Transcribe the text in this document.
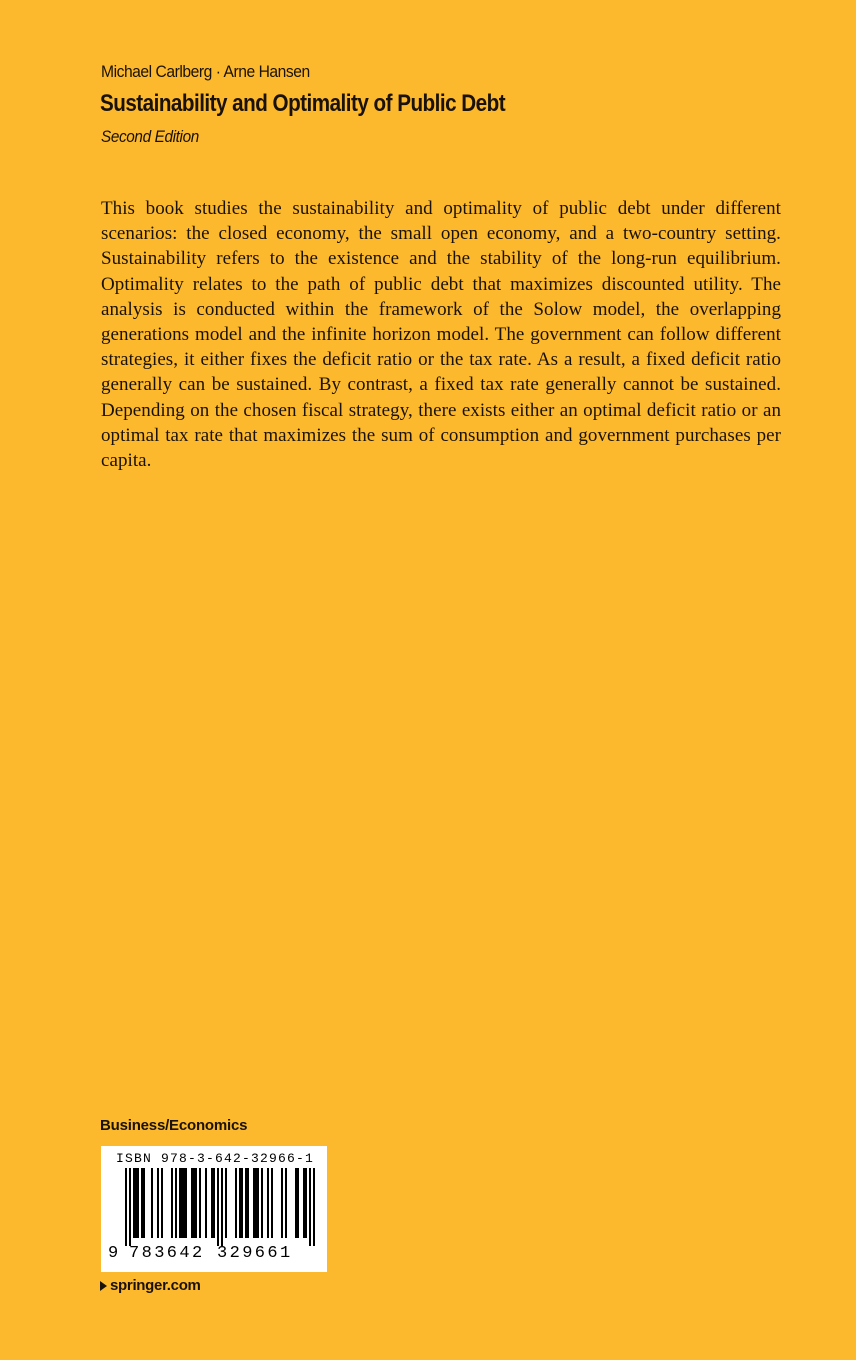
Michael Carlberg · Arne Hansen
Sustainability and Optimality of Public Debt
Second Edition

This book studies the sustainability and optimality of public debt under different scenarios: the closed economy, the small open economy, and a two-country setting. Sustainability refers to the existence and the stability of the long-run equilibrium. Optimality relates to the path of public debt that maximizes discounted utility. The analysis is conducted within the framework of the Solow model, the overlapping generations model and the infinite horizon model. The government can follow different strategies, it either fixes the deficit ratio or the tax rate. As a result, a fixed deficit ratio generally can be sustained. By contrast, a fixed tax rate generally cannot be sustained. Depending on the chosen fiscal strategy, there exists either an optimal deficit ratio or an optimal tax rate that maximizes the sum of consumption and government purchases per capita.

Business/Economics
ISBN 978-3-642-32966-1
9 783642 329661
springer.com
